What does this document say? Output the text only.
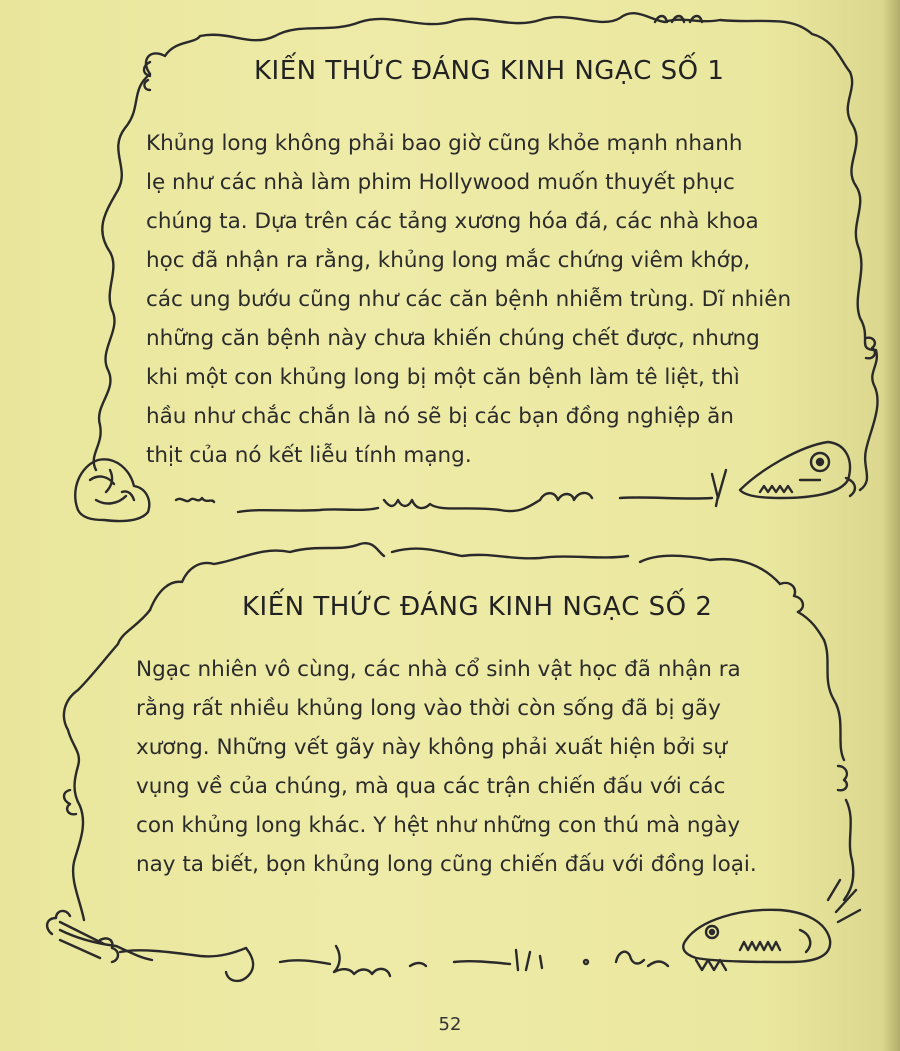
KIẾN THỨC ĐÁNG KINH NGẠC SỐ 1
Khủng long không phải bao giờ cũng khỏe mạnh nhanh
lẹ như các nhà làm phim Hollywood muốn thuyết phục
chúng ta. Dựa trên các tảng xương hóa đá, các nhà khoa
học đã nhận ra rằng, khủng long mắc chứng viêm khớp,
các ung bướu cũng như các căn bệnh nhiễm trùng. Dĩ nhiên
những căn bệnh này chưa khiến chúng chết được, nhưng
khi một con khủng long bị một căn bệnh làm tê liệt, thì
hầu như chắc chắn là nó sẽ bị các bạn đồng nghiệp ăn
thịt của nó kết liễu tính mạng.
KIẾN THỨC ĐÁNG KINH NGẠC SỐ 2
Ngạc nhiên vô cùng, các nhà cổ sinh vật học đã nhận ra
rằng rất nhiều khủng long vào thời còn sống đã bị gãy
xương. Những vết gãy này không phải xuất hiện bởi sự
vụng về của chúng, mà qua các trận chiến đấu với các
con khủng long khác. Y hệt như những con thú mà ngày
nay ta biết, bọn khủng long cũng chiến đấu với đồng loại.
52
